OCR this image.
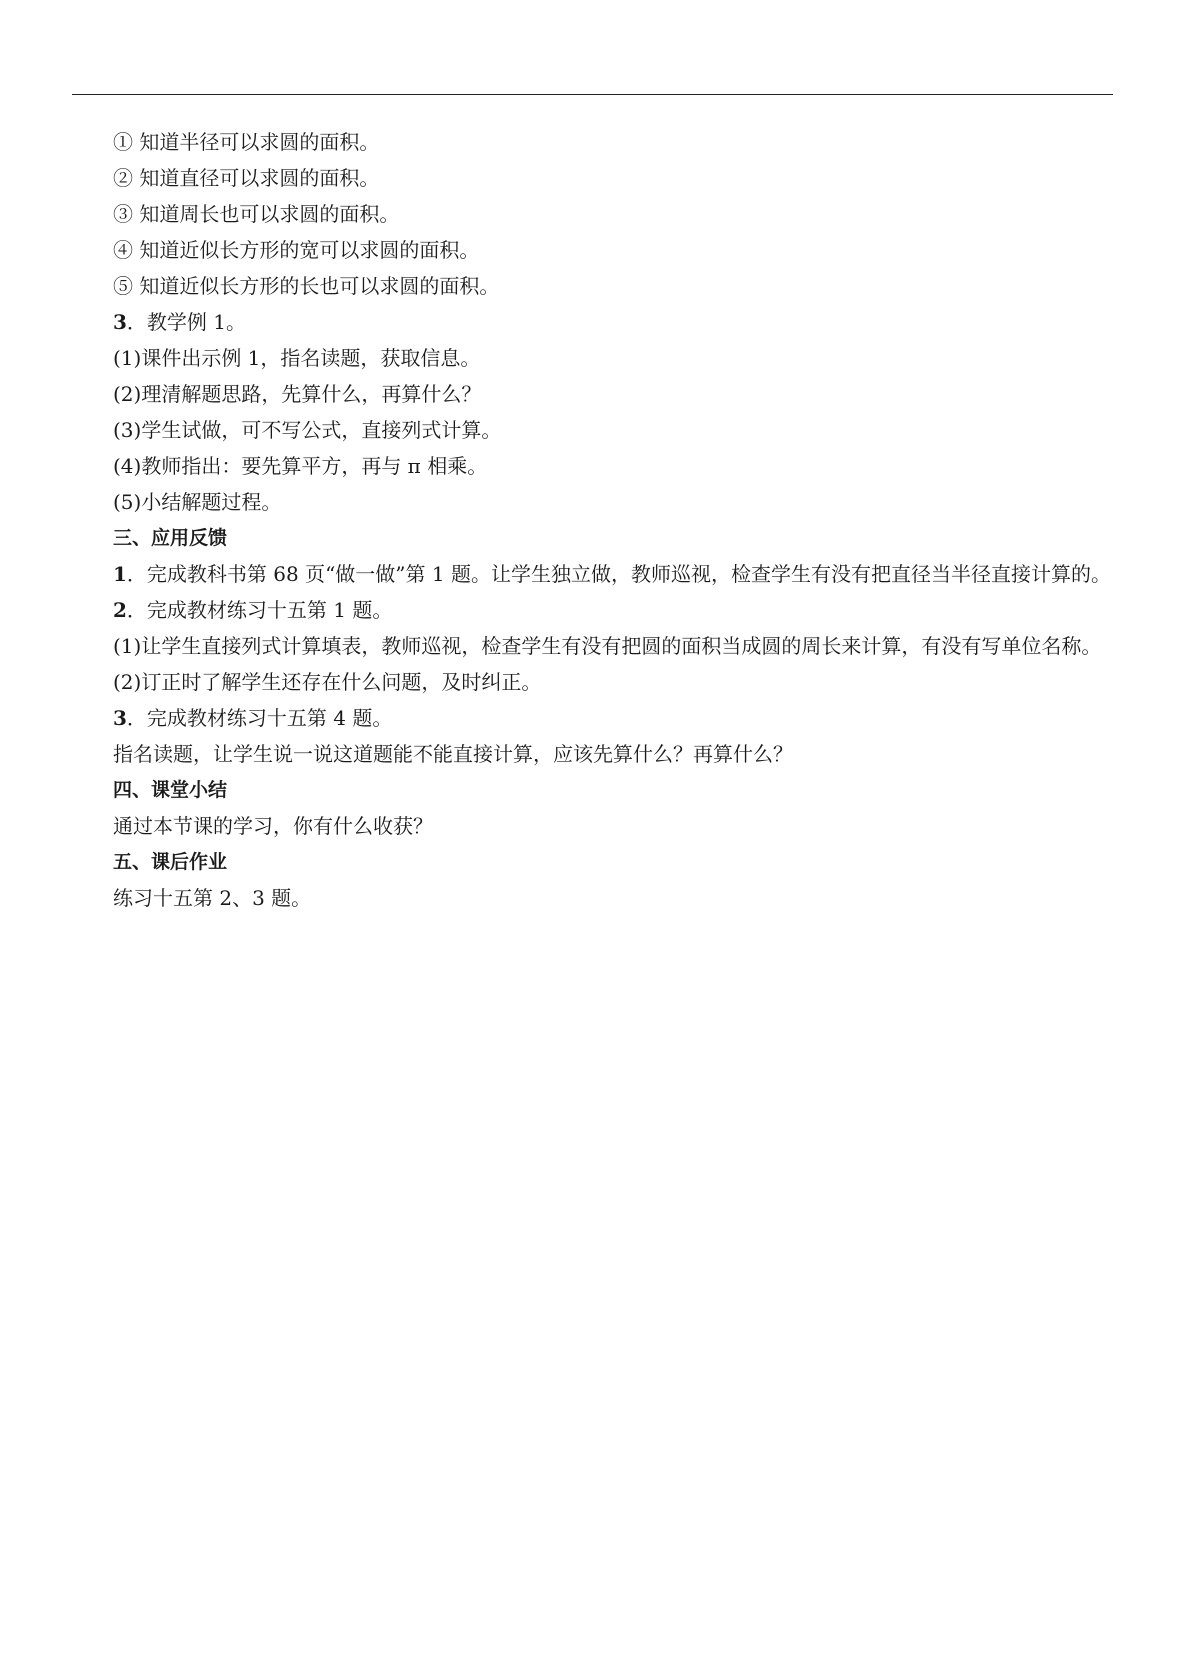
① 知道半径可以求圆的面积。

② 知道直径可以求圆的面积。

③ 知道周长也可以求圆的面积。

④ 知道近似长方形的宽可以求圆的面积。

⑤ 知道近似长方形的长也可以求圆的面积。

3．教学例 1。

(1)课件出示例 1，指名读题，获取信息。

(2)理清解题思路，先算什么，再算什么？

(3)学生试做，可不写公式，直接列式计算。

(4)教师指出：要先算平方，再与 π 相乘。

(5)小结解题过程。

三、应用反馈

1．完成教科书第 68 页“做一做”第 1 题。让学生独立做，教师巡视，检查学生有没有把直径当半径直接计算的。

2．完成教材练习十五第 1 题。

(1)让学生直接列式计算填表，教师巡视，检查学生有没有把圆的面积当成圆的周长来计算，有没有写单位名称。

(2)订正时了解学生还存在什么问题，及时纠正。

3．完成教材练习十五第 4 题。

指名读题，让学生说一说这道题能不能直接计算，应该先算什么？再算什么？

四、课堂小结

通过本节课的学习，你有什么收获？

五、课后作业

练习十五第 2、3 题。
